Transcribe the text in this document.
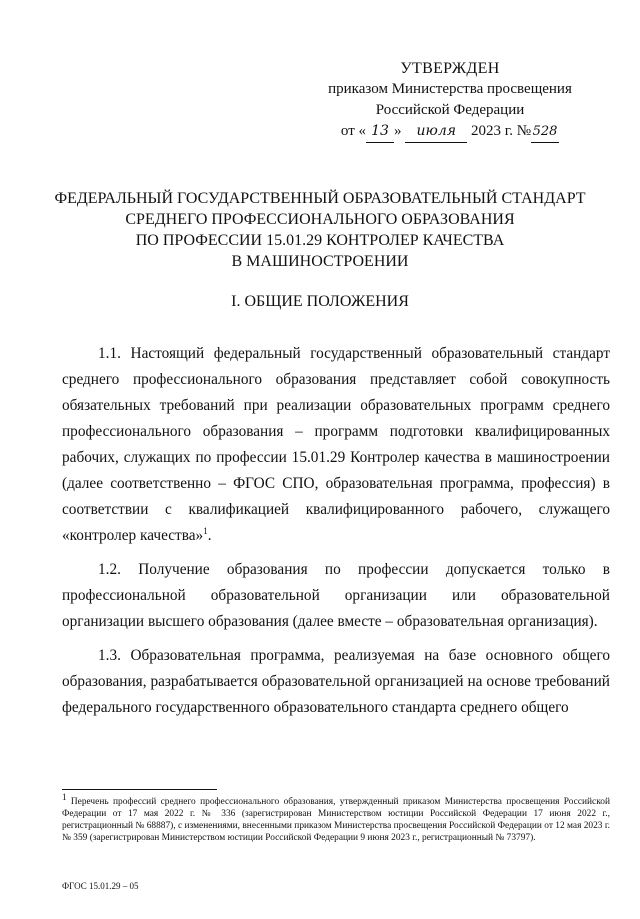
УТВЕРЖДЕН
приказом Министерства просвещения
Российской Федерации
от « 13 » июля 2023 г. № 528
ФЕДЕРАЛЬНЫЙ ГОСУДАРСТВЕННЫЙ ОБРАЗОВАТЕЛЬНЫЙ СТАНДАРТ
СРЕДНЕГО ПРОФЕССИОНАЛЬНОГО ОБРАЗОВАНИЯ
ПО ПРОФЕССИИ 15.01.29 КОНТРОЛЕР КАЧЕСТВА
В МАШИНОСТРОЕНИИ
I. ОБЩИЕ ПОЛОЖЕНИЯ

1.1. Настоящий федеральный государственный образовательный стандарт среднего профессионального образования представляет собой совокупность обязательных требований при реализации образовательных программ среднего профессионального образования – программ подготовки квалифицированных рабочих, служащих по профессии 15.01.29 Контролер качества в машиностроении (далее соответственно – ФГОС СПО, образовательная программа, профессия) в соответствии с квалификацией квалифицированного рабочего, служащего «контролер качества»$^1$.

1.2. Получение образования по профессии допускается только в профессиональной образовательной организации или образовательной организации высшего образования (далее вместе – образовательная организация).

1.3. Образовательная программа, реализуемая на базе основного общего образования, разрабатывается образовательной организацией на основе требований федерального государственного образовательного стандарта среднего общего

$^1$ Перечень профессий среднего профессионального образования, утвержденный приказом Министерства просвещения Российской Федерации от 17 мая 2022 г. № 336 (зарегистрирован Министерством юстиции Российской Федерации 17 июня 2022 г., регистрационный № 68887), с изменениями, внесенными приказом Министерства просвещения Российской Федерации от 12 мая 2023 г. № 359 (зарегистрирован Министерством юстиции Российской Федерации 9 июня 2023 г., регистрационный № 73797).
ФГОС 15.01.29 – 05
